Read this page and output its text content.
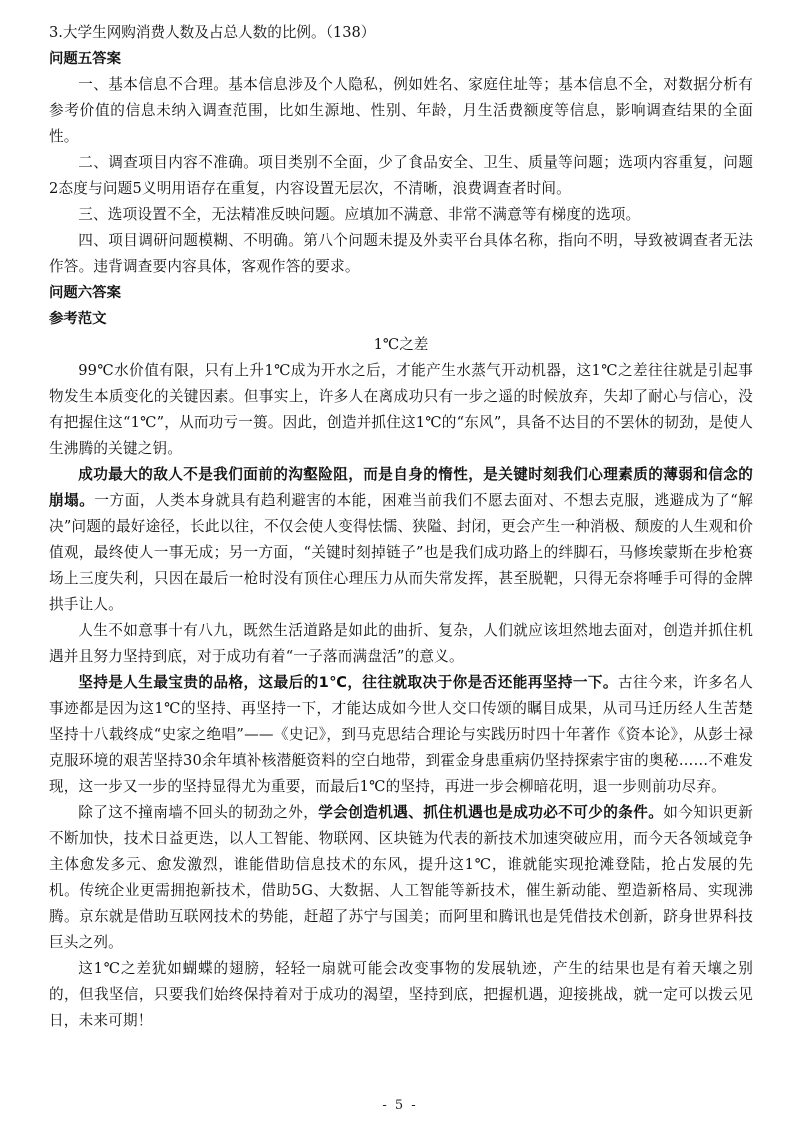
3.大学生网购消费人数及占总人数的比例。（138）

问题五答案

一、基本信息不合理。基本信息涉及个人隐私，例如姓名、家庭住址等；基本信息不全，对数据分析有参考价值的信息未纳入调查范围，比如生源地、性别、年龄，月生活费额度等信息，影响调查结果的全面性。

二、调查项目内容不准确。项目类别不全面，少了食品安全、卫生、质量等问题；选项内容重复，问题2态度与问题5义明用语存在重复，内容设置无层次，不清晰，浪费调查者时间。

三、选项设置不全，无法精准反映问题。应填加不满意、非常不满意等有梯度的选项。

四、项目调研问题模糊、不明确。第八个问题未提及外卖平台具体名称，指向不明，导致被调查者无法作答。违背调查要内容具体，客观作答的要求。

问题六答案

参考范文

1℃之差

99℃水价值有限，只有上升1℃成为开水之后，才能产生水蒸气开动机器，这1℃之差往往就是引起事物发生本质变化的关键因素。但事实上，许多人在离成功只有一步之遥的时候放弃，失却了耐心与信心，没有把握住这“1℃”，从而功亏一篑。因此，创造并抓住这1℃的“东风”，具备不达目的不罢休的韧劲，是使人生沸腾的关键之钥。

成功最大的敌人不是我们面前的沟壑险阻，而是自身的惰性，是关键时刻我们心理素质的薄弱和信念的崩塌。一方面，人类本身就具有趋利避害的本能，困难当前我们不愿去面对、不想去克服，逃避成为了“解决”问题的最好途径，长此以往，不仅会使人变得怯懦、狭隘、封闭，更会产生一种消极、颓废的人生观和价值观，最终使人一事无成；另一方面，“关键时刻掉链子”也是我们成功路上的绊脚石，马修埃蒙斯在步枪赛场上三度失利，只因在最后一枪时没有顶住心理压力从而失常发挥，甚至脱靶，只得无奈将唾手可得的金牌拱手让人。

人生不如意事十有八九，既然生活道路是如此的曲折、复杂，人们就应该坦然地去面对，创造并抓住机遇并且努力坚持到底，对于成功有着“一子落而满盘活”的意义。

坚持是人生最宝贵的品格，这最后的1℃，往往就取决于你是否还能再坚持一下。古往今来，许多名人事迹都是因为这1℃的坚持、再坚持一下，才能达成如今世人交口传颂的瞩目成果，从司马迁历经人生苦楚坚持十八载终成“史家之绝唱”——《史记》，到马克思结合理论与实践历时四十年著作《资本论》，从彭士禄克服环境的艰苦坚持30余年填补核潜艇资料的空白地带，到霍金身患重病仍坚持探索宇宙的奥秘……不难发现，这一步又一步的坚持显得尤为重要，而最后1℃的坚持，再进一步会柳暗花明，退一步则前功尽弃。

除了这不撞南墙不回头的韧劲之外，学会创造机遇、抓住机遇也是成功必不可少的条件。如今知识更新不断加快，技术日益更迭，以人工智能、物联网、区块链为代表的新技术加速突破应用，而今天各领域竞争主体愈发多元、愈发激烈，谁能借助信息技术的东风，提升这1℃，谁就能实现抢滩登陆，抢占发展的先机。传统企业更需拥抱新技术，借助5G、大数据、人工智能等新技术，催生新动能、塑造新格局、实现沸腾。京东就是借助互联网技术的势能，赶超了苏宁与国美；而阿里和腾讯也是凭借技术创新，跻身世界科技巨头之列。

这1℃之差犹如蝴蝶的翅膀，轻轻一扇就可能会改变事物的发展轨迹，产生的结果也是有着天壤之别的，但我坚信，只要我们始终保持着对于成功的渴望，坚持到底，把握机遇，迎接挑战，就一定可以拨云见日，未来可期！

- 5 -
